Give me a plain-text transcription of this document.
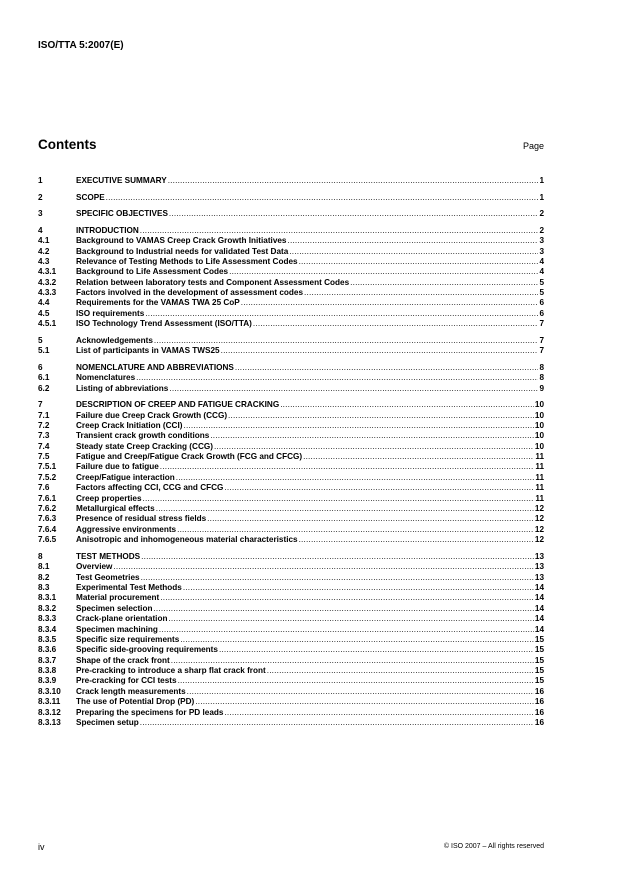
ISO/TTA 5:2007(E)
Contents	Page
1	EXECUTIVE SUMMARY .....	1
2	SCOPE .....	1
3	SPECIFIC OBJECTIVES .....	2
4	INTRODUCTION .....	2
4.1	Background to VAMAS Creep Crack Growth Initiatives .....	3
4.2	Background to Industrial needs for validated Test Data .....	3
4.3	Relevance of Testing Methods to Life Assessment Codes .....	4
4.3.1	Background to Life Assessment Codes .....	4
4.3.2	Relation between laboratory tests and Component Assessment Codes .....	5
4.3.3	Factors involved in the development of assessment codes .....	5
4.4	Requirements for the VAMAS TWA 25 CoP .....	6
4.5	ISO requirements .....	6
4.5.1	ISO Technology Trend Assessment (ISO/TTA) .....	7
5	Acknowledgements .....	7
5.1	List of participants in VAMAS TWS25 .....	7
6	NOMENCLATURE AND ABBREVIATIONS .....	8
6.1	Nomenclatures .....	8
6.2	Listing of abbreviations .....	9
7	DESCRIPTION OF CREEP AND FATIGUE CRACKING .....	10
7.1	Failure due Creep Crack Growth (CCG) .....	10
7.2	Creep Crack Initiation (CCI) .....	10
7.3	Transient crack growth conditions .....	10
7.4	Steady state Creep Cracking (CCG) .....	10
7.5	Fatigue and Creep/Fatigue Crack Growth (FCG and CFCG) .....	11
7.5.1	Failure due to fatigue .....	11
7.5.2	Creep/Fatigue interaction .....	11
7.6	Factors affecting CCI, CCG and CFCG .....	11
7.6.1	Creep properties .....	11
7.6.2	Metallurgical effects .....	12
7.6.3	Presence of residual stress fields .....	12
7.6.4	Aggressive environments .....	12
7.6.5	Anisotropic and inhomogeneous material characteristics .....	12
8	TEST METHODS .....	13
8.1	Overview .....	13
8.2	Test Geometries .....	13
8.3	Experimental Test Methods .....	14
8.3.1	Material procurement .....	14
8.3.2	Specimen selection .....	14
8.3.3	Crack-plane orientation .....	14
8.3.4	Specimen machining .....	14
8.3.5	Specific size requirements .....	15
8.3.6	Specific side-grooving requirements .....	15
8.3.7	Shape of the crack front .....	15
8.3.8	Pre-cracking to introduce a sharp flat crack front .....	15
8.3.9	Pre-cracking for CCI tests .....	15
8.3.10	Crack length measurements .....	16
8.3.11	The use of Potential Drop (PD) .....	16
8.3.12	Preparing the specimens for PD leads .....	16
8.3.13	Specimen setup .....	16
iv	© ISO 2007 – All rights reserved
